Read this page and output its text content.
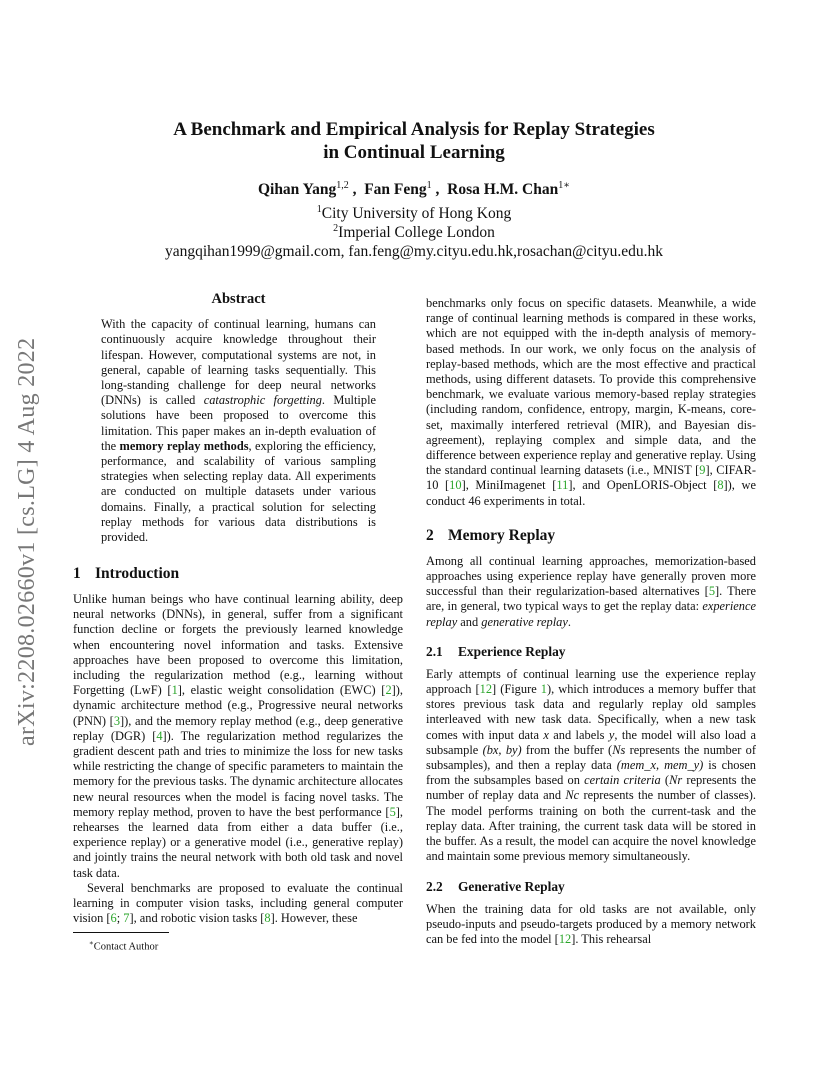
arXiv:2208.02660v1 [cs.LG] 4 Aug 2022
A Benchmark and Empirical Analysis for Replay Strategies
in Continual Learning
Qihan Yang$^{1,2}$ ,  Fan Feng$^1$ ,  Rosa H.M. Chan$^{1∗}$
$^1$City University of Hong Kong
$^2$Imperial College London
yangqihan1999@gmail.com, fan.feng@my.cityu.edu.hk,rosachan@cityu.edu.hk

Abstract

With the capacity of continual learning, humans can continuously acquire knowledge throughout their lifespan. However, computational systems are not, in general, capable of learning tasks sequentially. This long-standing challenge for deep neural networks (DNNs) is called catastrophic forgetting. Multiple solutions have been proposed to overcome this limitation. This paper makes an in-depth evaluation of the memory replay methods, exploring the efficiency, performance, and scalability of various sampling strategies when selecting replay data. All experiments are conducted on multiple datasets under various domains. Finally, a practical solution for selecting replay methods for various data distributions is provided.

1 Introduction

Unlike human beings who have continual learning ability, deep neural networks (DNNs), in general, suffer from a significant function decline or forgets the previously learned knowledge when encountering novel information and tasks. Extensive approaches have been proposed to overcome this limitation, including the regularization method (e.g., learning without Forgetting (LwF) [1], elastic weight consolidation (EWC) [2]), dynamic architecture method (e.g., Progressive neural networks (PNN) [3]), and the memory replay method (e.g., deep generative replay (DGR) [4]). The regularization method regularizes the gradient descent path and tries to minimize the loss for new tasks while restricting the change of specific parameters to maintain the memory for the previous tasks. The dynamic architecture allocates new neural resources when the model is facing novel tasks. The memory replay method, proven to have the best performance [5], rehearses the learned data from either a data buffer (i.e., experience replay) or a generative model (i.e., generative replay) and jointly trains the neural network with both old task and novel task data.

Several benchmarks are proposed to evaluate the continual learning in computer vision tasks, including general computer vision [6; 7], and robotic vision tasks [8]. However, these

benchmarks only focus on specific datasets. Meanwhile, a wide range of continual learning methods is compared in these works, which are not equipped with the in-depth analysis of memory-based methods. In our work, we only focus on the analysis of replay-based methods, which are the most effective and practical methods, using different datasets. To provide this comprehensive benchmark, we evaluate various memory-based replay strategies (including random, confidence, entropy, margin, K-means, core-set, maximally interfered retrieval (MIR), and Bayesian dis-agreement), replaying complex and simple data, and the difference between experience replay and generative replay. Using the standard continual learning datasets (i.e., MNIST [9], CIFAR-10 [10], MiniImagenet [11], and OpenLORIS-Object [8]), we conduct 46 experiments in total.

2 Memory Replay

Among all continual learning approaches, memorization-based approaches using experience replay have generally proven more successful than their regularization-based alternatives [5]. There are, in general, two typical ways to get the replay data: experience replay and generative replay.

2.1 Experience Replay

Early attempts of continual learning use the experience replay approach [12] (Figure 1), which introduces a memory buffer that stores previous task data and regularly replay old samples interleaved with new task data. Specifically, when a new task comes with input data x and labels y, the model will also load a subsample (bx, by) from the buffer (Ns represents the number of subsamples), and then a replay data (mem_x, mem_y) is chosen from the subsamples based on certain criteria (Nr represents the number of replay data and Nc represents the number of classes). The model performs training on both the current-task and the replay data. After training, the current task data will be stored in the buffer. As a result, the model can acquire the novel knowledge and maintain some previous memory simultaneously.

2.2 Generative Replay

When the training data for old tasks are not available, only pseudo-inputs and pseudo-targets produced by a memory network can be fed into the model [12]. This rehearsal

∗Contact Author
